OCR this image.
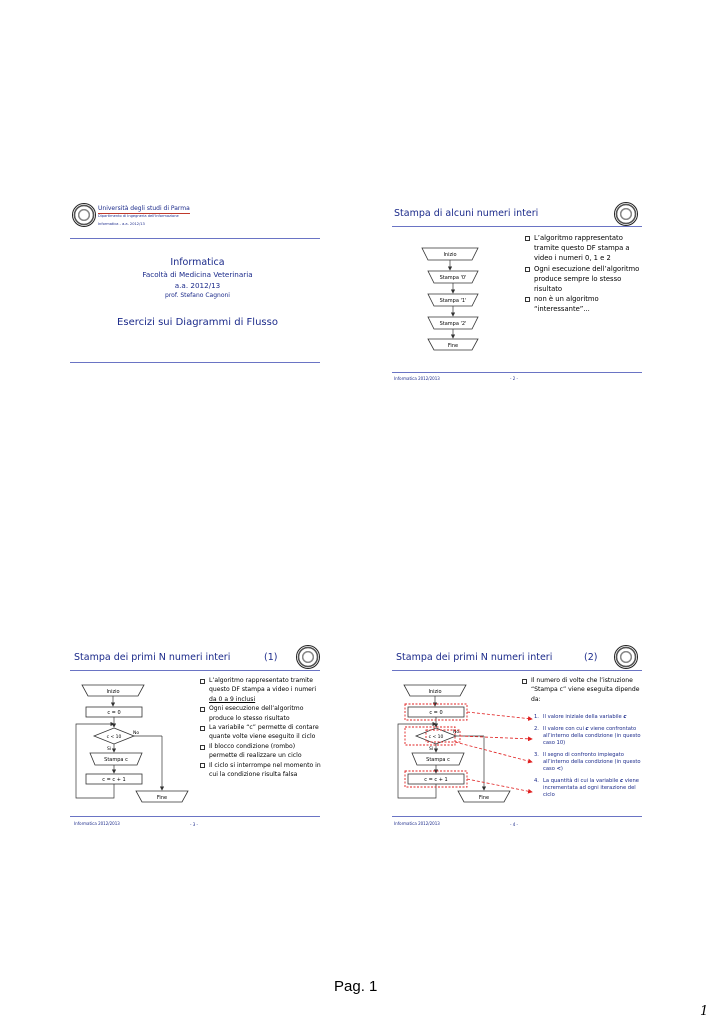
Università degli studi di Parma
Dipartimento di Ingegneria dell'Informazione
Informatica - a.a. 2012/13
Informatica
Facoltà di Medicina Veterinaria
a.a. 2012/13
prof. Stefano Cagnoni
Esercizi sui Diagrammi di Flusso
Stampa di alcuni numeri interi
Inizio
Stampa '0'
Stampa '1'
Stampa '2'
Fine
L’algoritmo rappresentato tramite questo DF stampa a video i numeri 0, 1 e 2
Ogni esecuzione dell’algoritmo produce sempre lo stesso risultato
non è un algoritmo “interessante”...
Informatica 2012/2013	- 2 -
Stampa dei primi N numeri interi	(1)
Inizio
c = 0
c < 10
No
Sì
Stampa c
c = c + 1
Fine
L’algoritmo rappresentato tramite questo DF stampa a video i numeri da 0 a 9 inclusi
Ogni esecuzione dell’algoritmo produce lo stesso risultato
La variabile “c” permette di contare quante volte viene eseguito il ciclo
Il blocco condizione (rombo) permette di realizzare un ciclo
Il ciclo si interrompe nel momento in cui la condizione risulta falsa
Informatica 2012/2013	- 3 -
Stampa dei primi N numeri interi	(2)
Inizio
c = 0
c < 10
No
Sì
Stampa c
c = c + 1
Fine
Il numero di volte che l’istruzione “Stampa c” viene eseguita dipende da:
1. Il valore iniziale della variabile c
2. Il valore con cui c viene confrontato all’interno della condizione (in questo caso 10)
3. Il segno di confronto impiegato all’interno della condizione (in questo caso <)
4. La quantità di cui la variabile c viene incrementata ad ogni iterazione del ciclo
Informatica 2012/2013	- 4 -
Pag. 1
1
